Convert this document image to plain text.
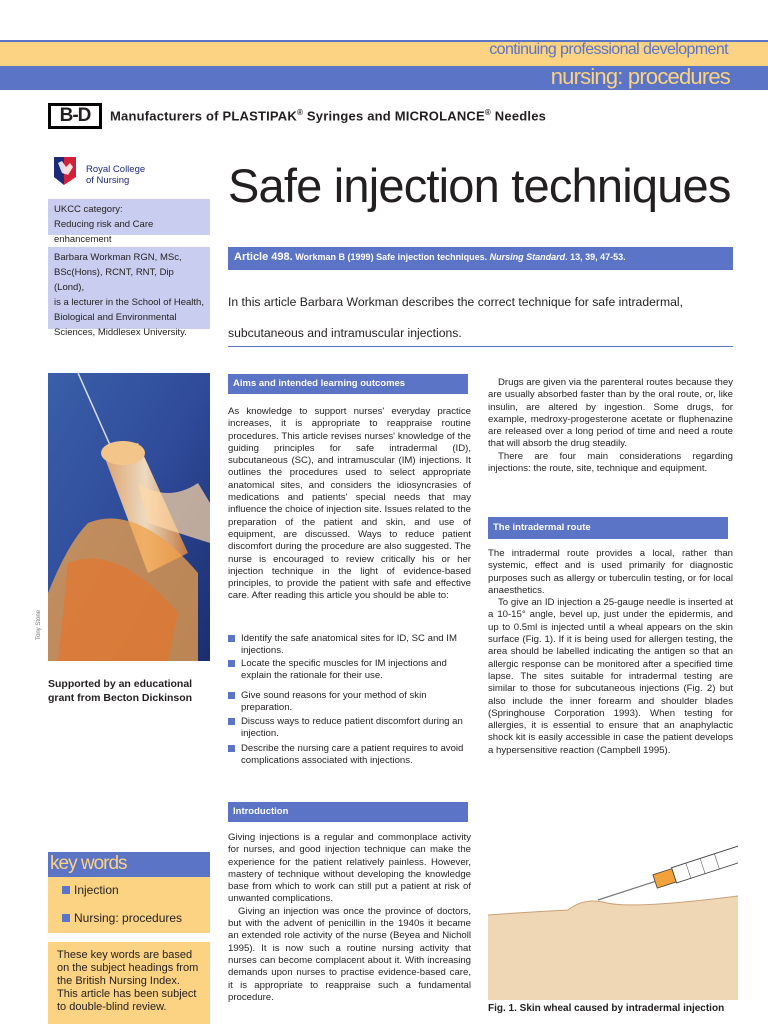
continuing professional development
nursing: procedures
B-D	Manufacturers of PLASTIPAK® Syringes and MICROLANCE® Needles
Royal College
of Nursing
UKCC category:
Reducing risk and Care enhancement
Barbara Workman RGN, MSc,
BSc(Hons), RCNT, RNT, Dip (Lond),
is a lecturer in the School of Health,
Biological and Environmental
Sciences, Middlesex University.
Safe injection techniques
Article 498. Workman B (1999) Safe injection techniques. Nursing Standard. 13, 39, 47-53.
In this article Barbara Workman describes the correct technique for safe intradermal,
subcutaneous and intramuscular injections.
Tony Stone
Supported by an educational grant from Becton Dickinson
key words
Injection
Nursing: procedures
These key words are based on the subject headings from the British Nursing Index.
This article has been subject to double-blind review.
Aims and intended learning outcomes
As knowledge to support nurses' everyday practice increases, it is appropriate to reappraise routine procedures. This article revises nurses' knowledge of the guiding principles for safe intradermal (ID), subcutaneous (SC), and intramuscular (IM) injections. It outlines the procedures used to select appropriate anatomical sites, and considers the idiosyncrasies of medications and patients' special needs that may influence the choice of injection site. Issues related to the preparation of the patient and skin, and use of equipment, are discussed. Ways to reduce patient discomfort during the procedure are also suggested. The nurse is encouraged to review critically his or her injection technique in the light of evidence-based principles, to provide the patient with safe and effective care. After reading this article you should be able to:
Identify the safe anatomical sites for ID, SC and IM injections.
Locate the specific muscles for IM injections and explain the rationale for their use.
Give sound reasons for your method of skin preparation.
Discuss ways to reduce patient discomfort during an injection.
Describe the nursing care a patient requires to avoid complications associated with injections.
Introduction
Giving injections is a regular and commonplace activity for nurses, and good injection technique can make the experience for the patient relatively painless. However, mastery of technique without developing the knowledge base from which to work can still put a patient at risk of unwanted complications.
Giving an injection was once the province of doctors, but with the advent of penicillin in the 1940s it became an extended role activity of the nurse (Beyea and Nicholl 1995). It is now such a routine nursing activity that nurses can become complacent about it. With increasing demands upon nurses to practise evidence-based care, it is appropriate to reappraise such a fundamental procedure.
Drugs are given via the parenteral routes because they are usually absorbed faster than by the oral route, or, like insulin, are altered by ingestion. Some drugs, for example, medroxy-progesterone acetate or fluphenazine are released over a long period of time and need a route that will absorb the drug steadily.
There are four main considerations regarding injections: the route, site, technique and equipment.
The intradermal route
The intradermal route provides a local, rather than systemic, effect and is used primarily for diagnostic purposes such as allergy or tuberculin testing, or for local anaesthetics.
To give an ID injection a 25-gauge needle is inserted at a 10-15° angle, bevel up, just under the epidermis, and up to 0.5ml is injected until a wheal appears on the skin surface (Fig. 1). If it is being used for allergen testing, the area should be labelled indicating the antigen so that an allergic response can be monitored after a specified time lapse. The sites suitable for intradermal testing are similar to those for subcutaneous injections (Fig. 2) but also include the inner forearm and shoulder blades (Springhouse Corporation 1993). When testing for allergies, it is essential to ensure that an anaphylactic shock kit is easily accessible in case the patient develops a hypersensitive reaction (Campbell 1995).
Fig. 1. Skin wheal caused by intradermal injection
